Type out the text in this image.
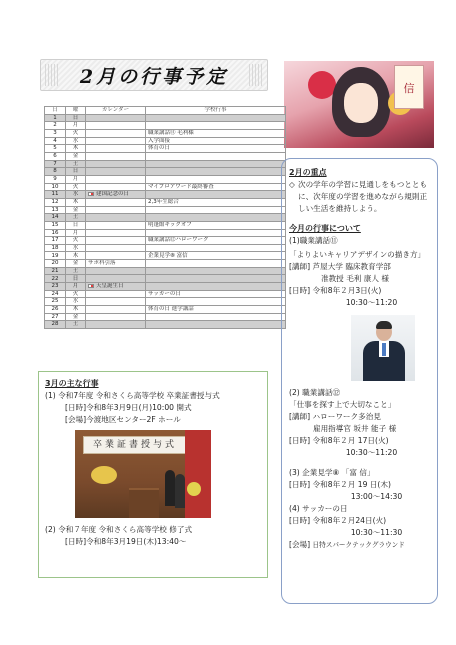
2月の行事予定
信
日	曜	カレンダー	学校行事
1	日		
2	月		
3	火		職業講話⑪ 毛利様
4	水		入学面接
5	木		体育の日
6	金		
7	土		
8	日		
9	月		
10	火		マイプロアワード最終審査
11	水	建国記念の日	
12	木		2,3年生総合
13	金		
14	土		
15	日		明蓬館キックオフ
16	月		
17	火		職業講話⑫ハローワーク
18	水		
19	木		企業見学⑧ 富信
20	金	サポ科引落	
21	土		
22	日		
23	月	天皇誕生日	
24	火		サッカーの日
25	水		
26	木		体育の日 進学講話
27	金		
28	土		
3月の主な行事
(1) 令和7年度 令和さくら高等学校 卒業証書授与式
[日時]令和8年3月9日(月)10:00 開式
[会場]今渡地区センター2F ホール
卒業証書授与式
(2) 令和７年度 令和さくら高等学校 修了式
[日時]令和8年3月19日(木)13:40～
2月の重点
◇ 次の学年の学習に見通しをもつとともに、次年度の学習を進めながら規則正しい生活を維持しよう。
今月の行事について
(1)職業講話⑪
「よりよいキャリアデザインの描き方」
[講師] 芦屋大学 臨床教育学部
准教授 毛利 康人 様
[日時] 令和8年２月3日(火)
10:30～11:20
(2) 職業講話⑫
「仕事を探す上で大切なこと」
[講師] ハローワーク多治見
雇用指導官 坂井 能子 様
[日時] 令和8年２月 17日(火)
10:30～11:20
(3) 企業見学⑧ 「富 信」
[日時] 令和8年２月 19 日(木)
13:00～14:30
(4) サッカーの日
[日時] 令和8年２月24日(火)
10:30～11:30
[会場] 日特スパークテックグラウンド
